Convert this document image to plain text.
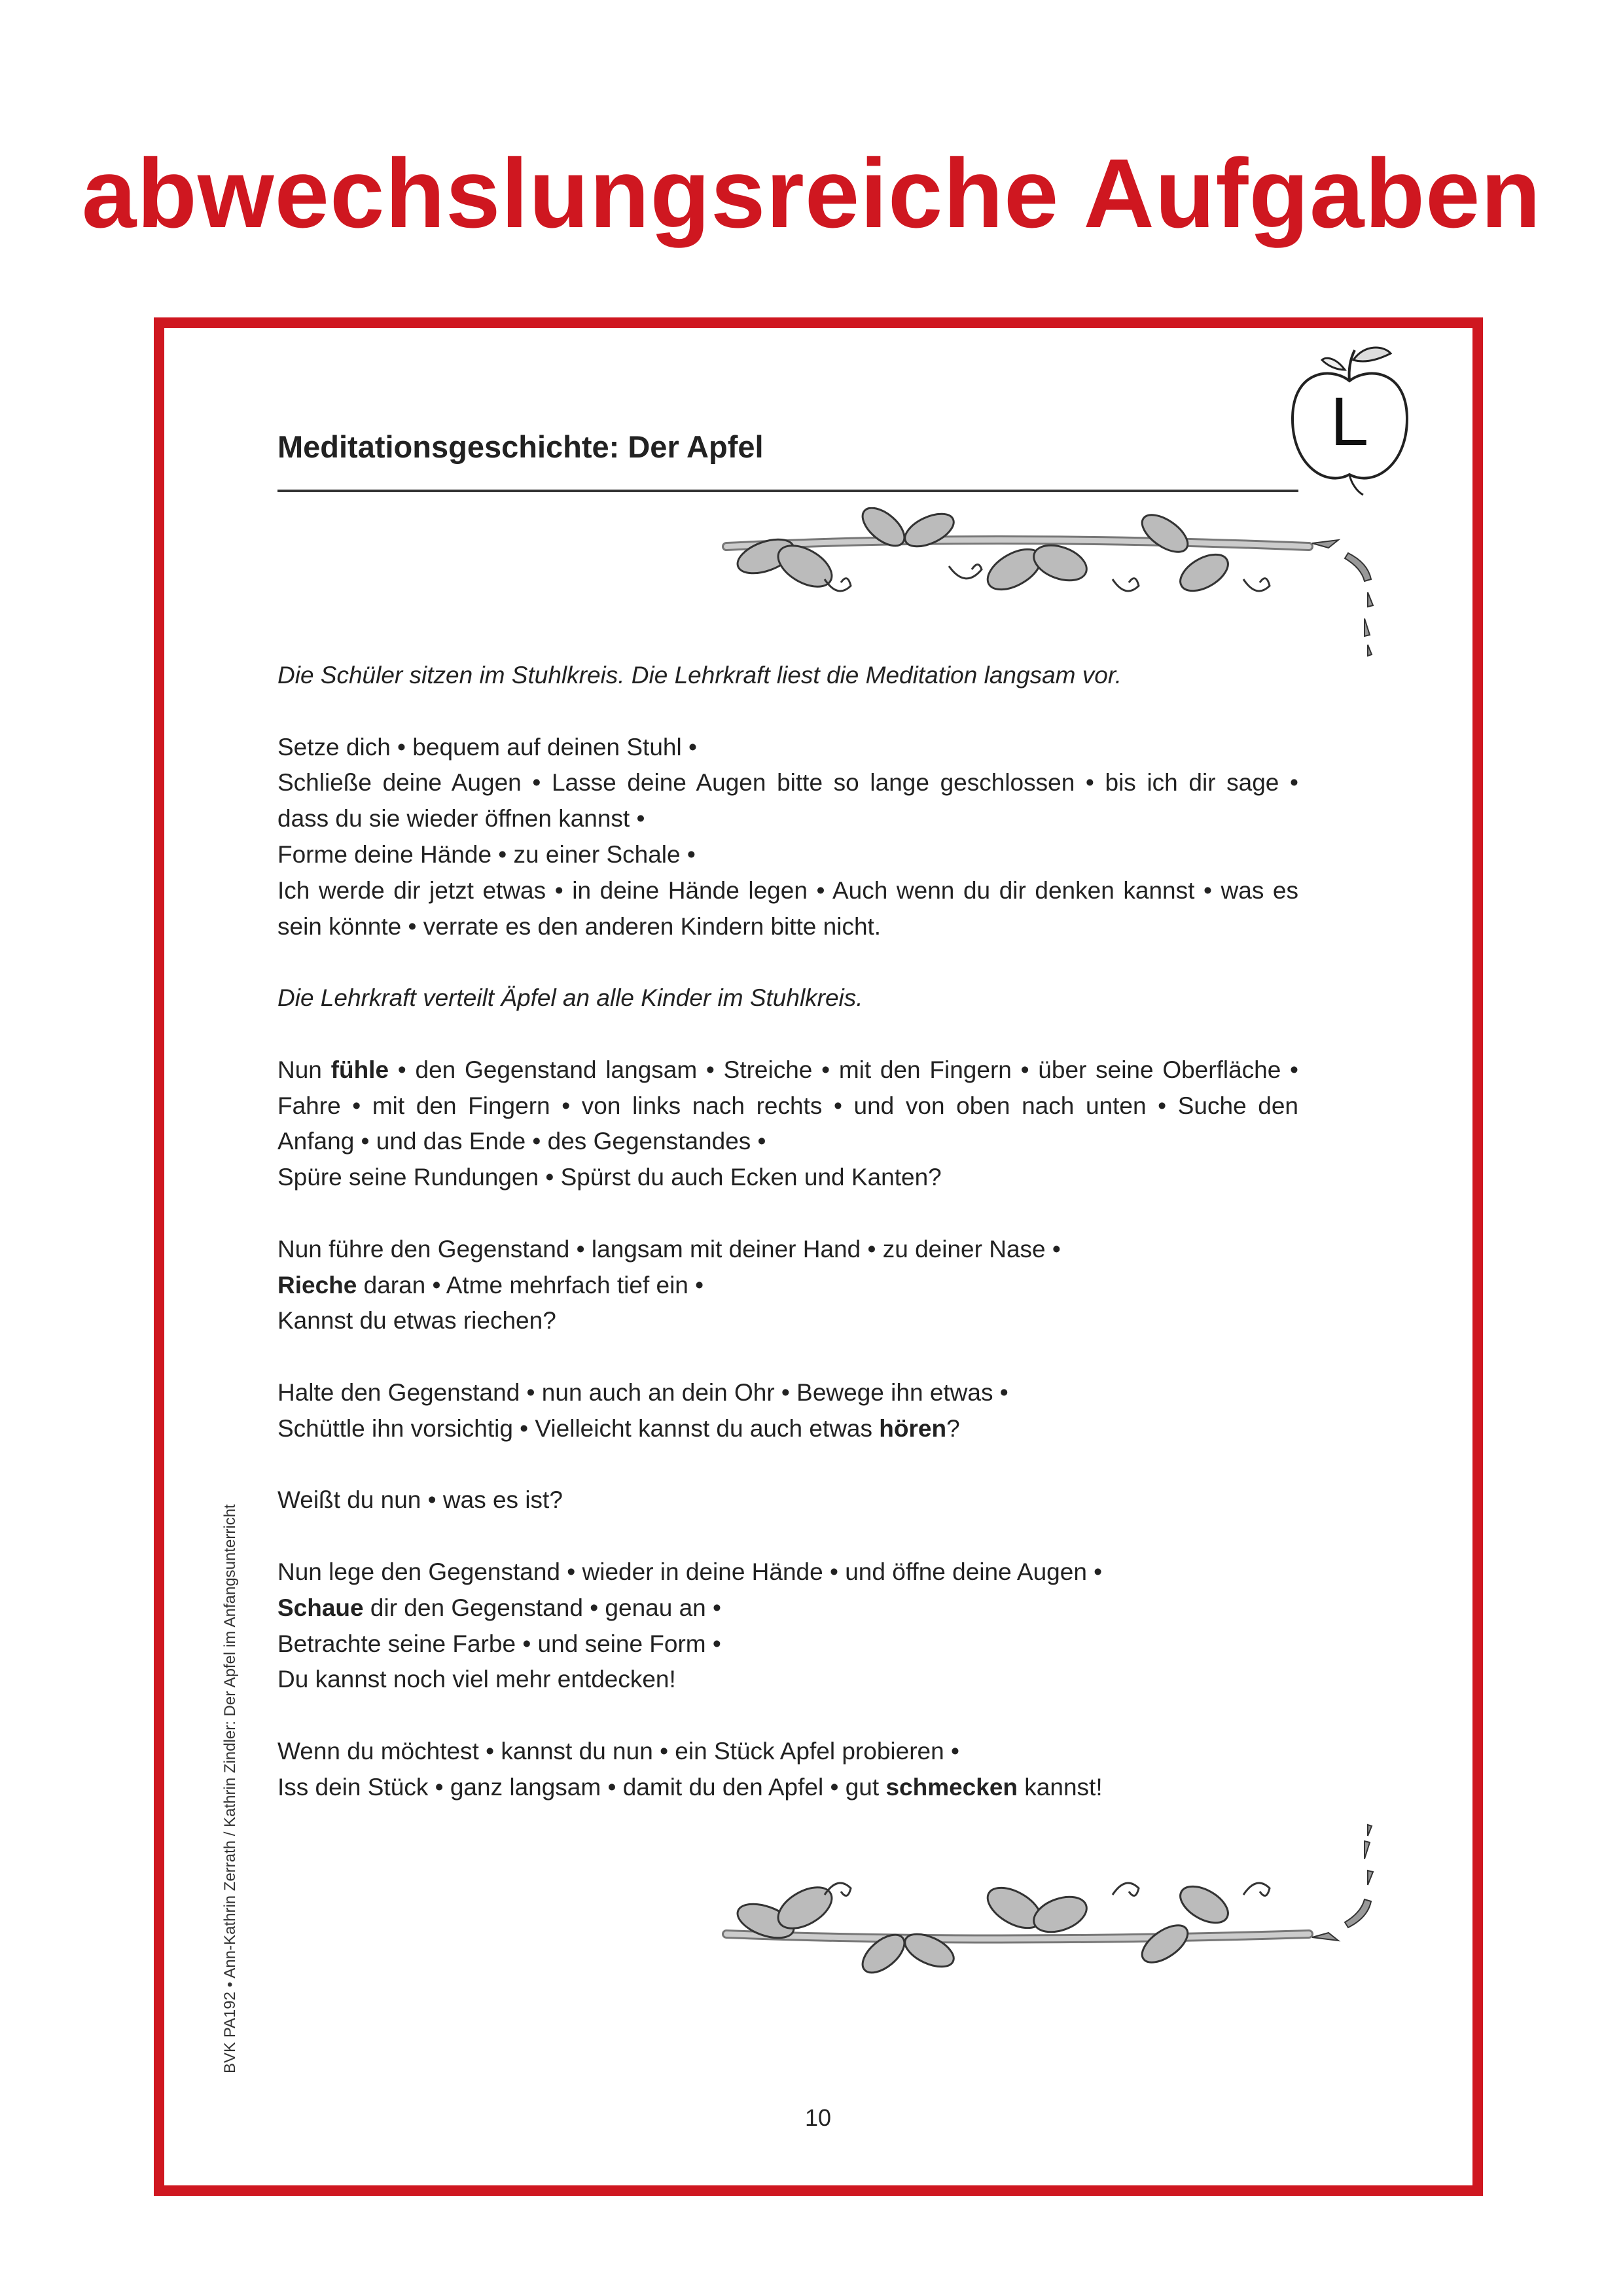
abwechslungsreiche Aufgaben
Meditationsgeschichte: Der Apfel	L
Die Schüler sitzen im Stuhlkreis. Die Lehrkraft liest die Meditation langsam vor.
Setze dich • bequem auf deinen Stuhl •
Schließe deine Augen • Lasse deine Augen bitte so lange geschlossen • bis ich dir sage •
dass du sie wieder öffnen kannst •
Forme deine Hände • zu einer Schale •
Ich werde dir jetzt etwas • in deine Hände legen • Auch wenn du dir denken kannst • was es
sein könnte • verrate es den anderen Kindern bitte nicht.
Die Lehrkraft verteilt Äpfel an alle Kinder im Stuhlkreis.
Nun fühle • den Gegenstand langsam • Streiche • mit den Fingern • über seine Oberfläche •
Fahre • mit den Fingern • von links nach rechts • und von oben nach unten • Suche den
Anfang • und das Ende • des Gegenstandes •
Spüre seine Rundungen • Spürst du auch Ecken und Kanten?
Nun führe den Gegenstand • langsam mit deiner Hand • zu deiner Nase •
Rieche daran • Atme mehrfach tief ein •
Kannst du etwas riechen?
Halte den Gegenstand • nun auch an dein Ohr • Bewege ihn etwas •
Schüttle ihn vorsichtig • Vielleicht kannst du auch etwas hören?
Weißt du nun • was es ist?
Nun lege den Gegenstand • wieder in deine Hände • und öffne deine Augen •
Schaue dir den Gegenstand • genau an •
Betrachte seine Farbe • und seine Form •
Du kannst noch viel mehr entdecken!
Wenn du möchtest • kannst du nun • ein Stück Apfel probieren •
Iss dein Stück • ganz langsam • damit du den Apfel • gut schmecken kannst!
BVK PA192 • Ann-Kathrin Zerrath / Kathrin Zindler: Der Apfel im Anfangsunterricht
10
